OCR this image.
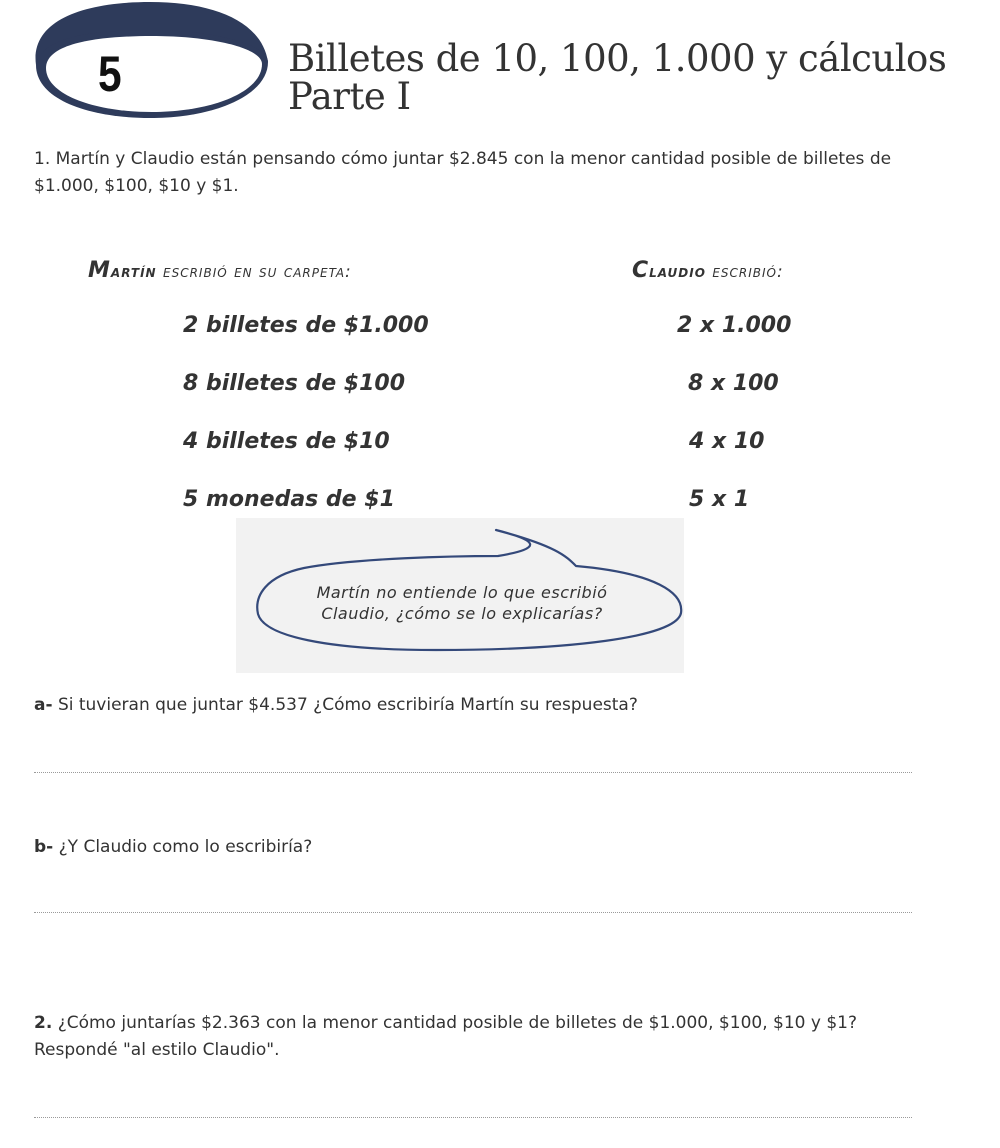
5	Billetes de 10, 100, 1.000 y cálculos
Parte I
1. Martín y Claudio están pensando cómo juntar $2.845 con la menor cantidad posible de billetes de $1.000, $100, $10 y $1.
Martín escribió en su carpeta:	Claudio escribió:
2 billetes de $1.000
8 billetes de $100
4 billetes de $10
5 monedas de $1
2 x 1.000
8 x 100
4 x 10
5 x 1
Martín no entiende lo que escribió
Claudio, ¿cómo se lo explicarías?
a- Si tuvieran que juntar $4.537 ¿Cómo escribiría Martín su respuesta?
b- ¿Y Claudio como lo escribiría?
2. ¿Cómo juntarías $2.363 con la menor cantidad posible de billetes de $1.000, $100, $10 y $1? Respondé "al estilo Claudio".
